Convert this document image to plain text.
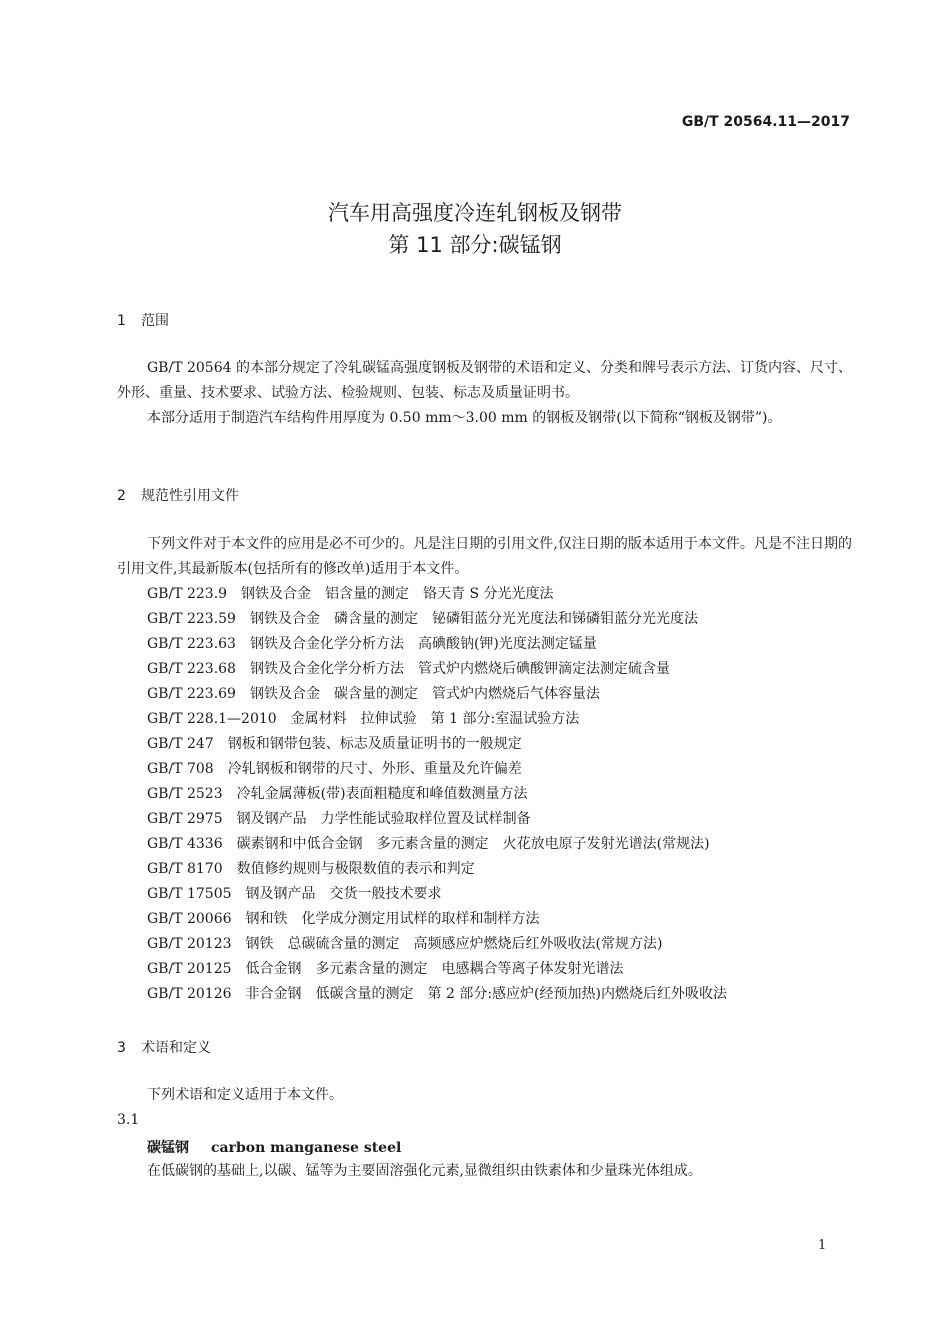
GB/T 20564.11—2017
汽车用高强度冷连轧钢板及钢带
第 11 部分:碳锰钢
1 范围
GB/T 20564 的本部分规定了冷轧碳锰高强度钢板及钢带的术语和定义、分类和牌号表示方法、订货内容、尺寸、外形、重量、技术要求、试验方法、检验规则、包装、标志及质量证明书。
本部分适用于制造汽车结构件用厚度为 0.50 mm～3.00 mm 的钢板及钢带(以下简称“钢板及钢带”)。
2 规范性引用文件
下列文件对于本文件的应用是必不可少的。凡是注日期的引用文件,仅注日期的版本适用于本文件。凡是不注日期的引用文件,其最新版本(包括所有的修改单)适用于本文件。
GB/T 223.9　钢铁及合金　铝含量的测定　铬天青 S 分光光度法
GB/T 223.59　钢铁及合金　磷含量的测定　铋磷钼蓝分光光度法和锑磷钼蓝分光光度法
GB/T 223.63　钢铁及合金化学分析方法　高碘酸钠(钾)光度法测定锰量
GB/T 223.68　钢铁及合金化学分析方法　管式炉内燃烧后碘酸钾滴定法测定硫含量
GB/T 223.69　钢铁及合金　碳含量的测定　管式炉内燃烧后气体容量法
GB/T 228.1—2010　金属材料　拉伸试验　第 1 部分:室温试验方法
GB/T 247　钢板和钢带包装、标志及质量证明书的一般规定
GB/T 708　冷轧钢板和钢带的尺寸、外形、重量及允许偏差
GB/T 2523　冷轧金属薄板(带)表面粗糙度和峰值数测量方法
GB/T 2975　钢及钢产品　力学性能试验取样位置及试样制备
GB/T 4336　碳素钢和中低合金钢　多元素含量的测定　火花放电原子发射光谱法(常规法)
GB/T 8170　数值修约规则与极限数值的表示和判定
GB/T 17505　钢及钢产品　交货一般技术要求
GB/T 20066　钢和铁　化学成分测定用试样的取样和制样方法
GB/T 20123　钢铁　总碳硫含量的测定　高频感应炉燃烧后红外吸收法(常规方法)
GB/T 20125　低合金钢　多元素含量的测定　电感耦合等离子体发射光谱法
GB/T 20126　非合金钢　低碳含量的测定　第 2 部分:感应炉(经预加热)内燃烧后红外吸收法
3 术语和定义
下列术语和定义适用于本文件。
3.1
碳锰钢 carbon manganese steel
在低碳钢的基础上,以碳、锰等为主要固溶强化元素,显微组织由铁素体和少量珠光体组成。
1
